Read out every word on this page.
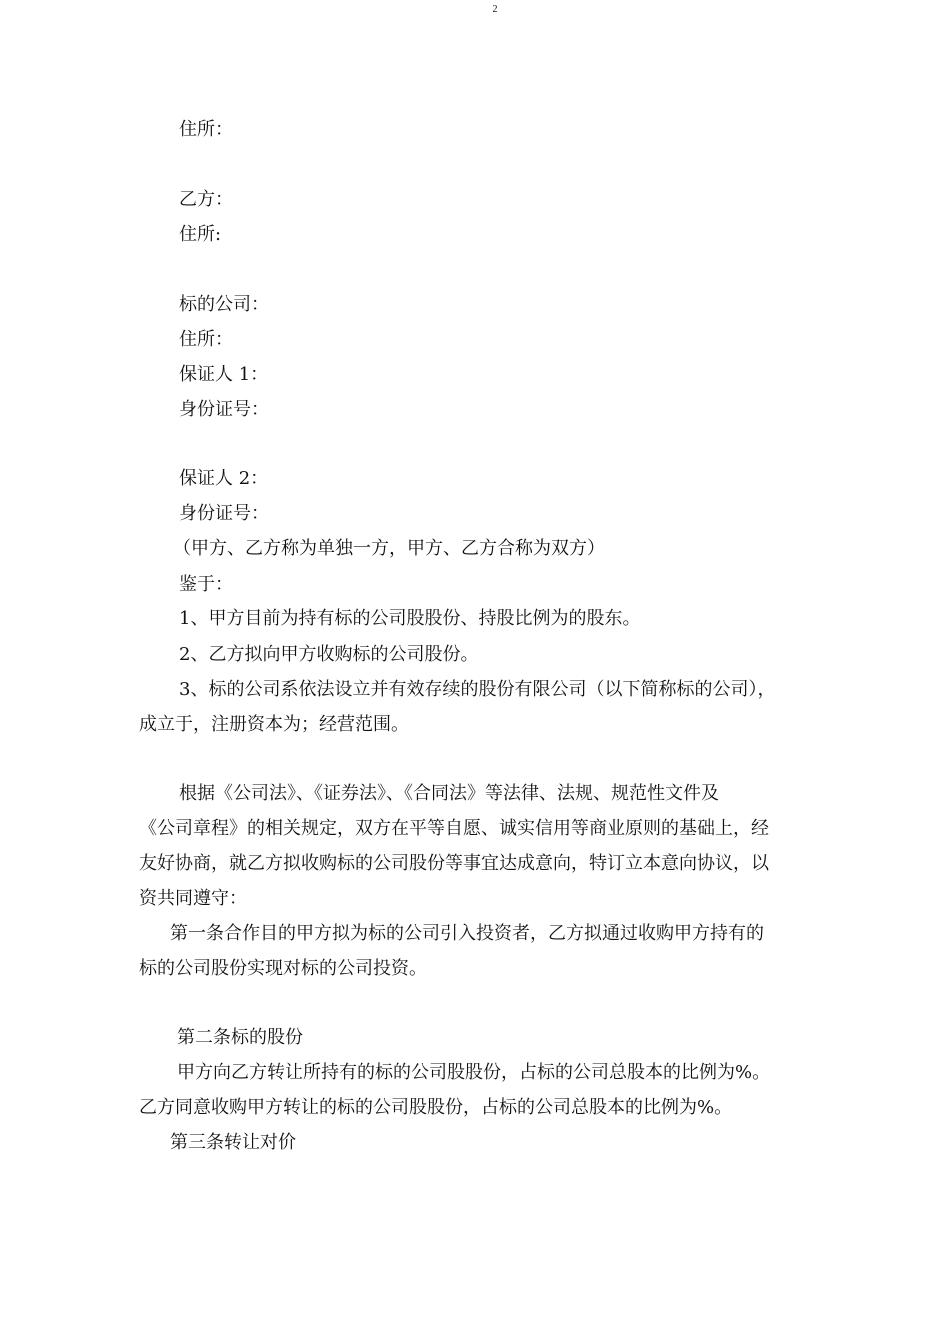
2
住所：
乙方：
住所:
标的公司：
住所：
保证人 1：
身份证号：
保证人 2：
身份证号：
（甲方、乙方称为单独一方，甲方、乙方合称为双方）
鉴于：
1、甲方目前为持有标的公司股股份、持股比例为的股东。
2、乙方拟向甲方收购标的公司股份。
3、标的公司系依法设立并有效存续的股份有限公司（以下简称标的公司），
成立于，注册资本为；经营范围。
根据《公司法》、《证券法》、《合同法》等法律、法规、规范性文件及
《公司章程》的相关规定，双方在平等自愿、诚实信用等商业原则的基础上，经
友好协商，就乙方拟收购标的公司股份等事宜达成意向，特订立本意向协议，以
资共同遵守：
第一条合作目的甲方拟为标的公司引入投资者，乙方拟通过收购甲方持有的
标的公司股份实现对标的公司投资。
第二条标的股份
甲方向乙方转让所持有的标的公司股股份，占标的公司总股本的比例为%。
乙方同意收购甲方转让的标的公司股股份，占标的公司总股本的比例为%。
第三条转让对价
